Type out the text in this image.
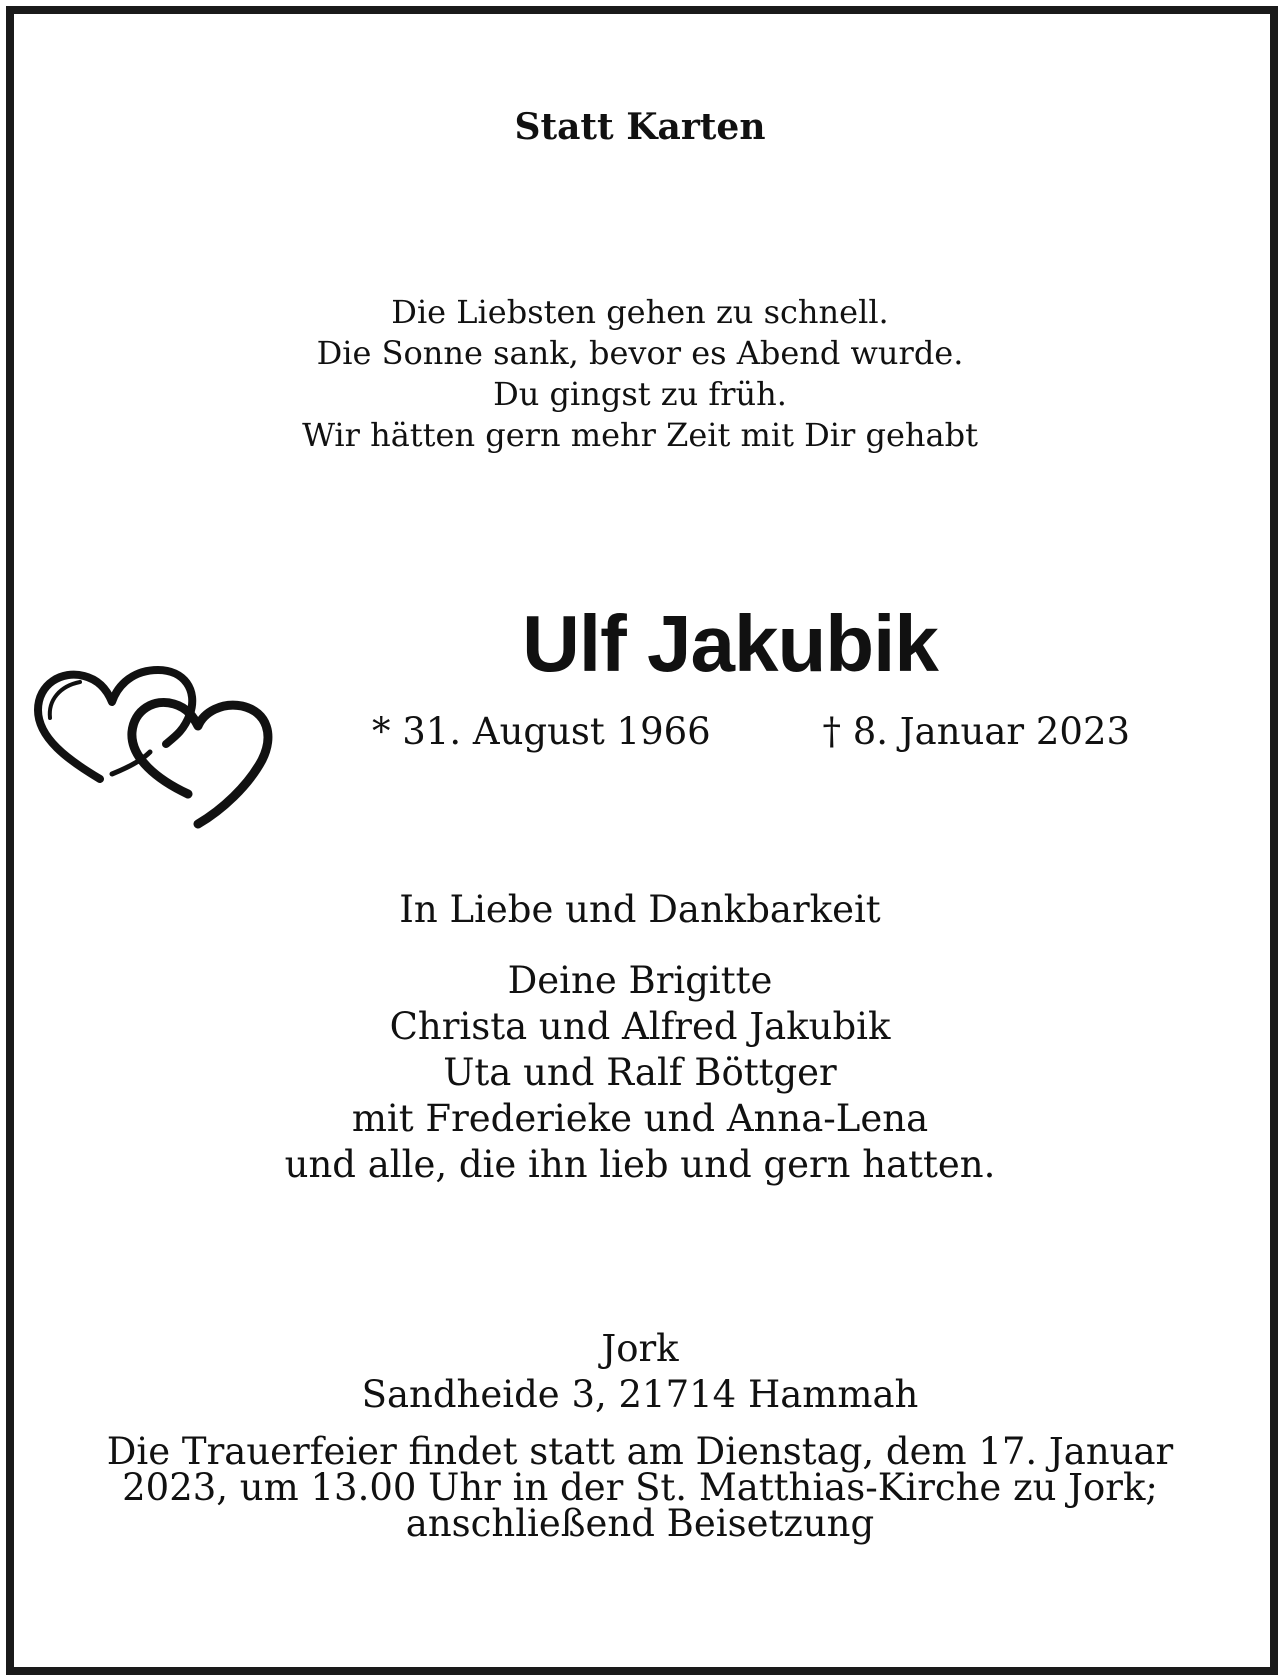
Statt Karten
Die Liebsten gehen zu schnell.
Die Sonne sank, bevor es Abend wurde.
Du gingst zu früh.
Wir hätten gern mehr Zeit mit Dir gehabt
Ulf Jakubik
* 31. August 1966	† 8. Januar 2023
In Liebe und Dankbarkeit
Deine Brigitte
Christa und Alfred Jakubik
Uta und Ralf Böttger
mit Frederieke und Anna-Lena
und alle, die ihn lieb und gern hatten.
Jork
Sandheide 3, 21714 Hammah
Die Trauerfeier findet statt am Dienstag, dem 17. Januar
2023, um 13.00 Uhr in der St. Matthias-Kirche zu Jork;
anschließend Beisetzung
